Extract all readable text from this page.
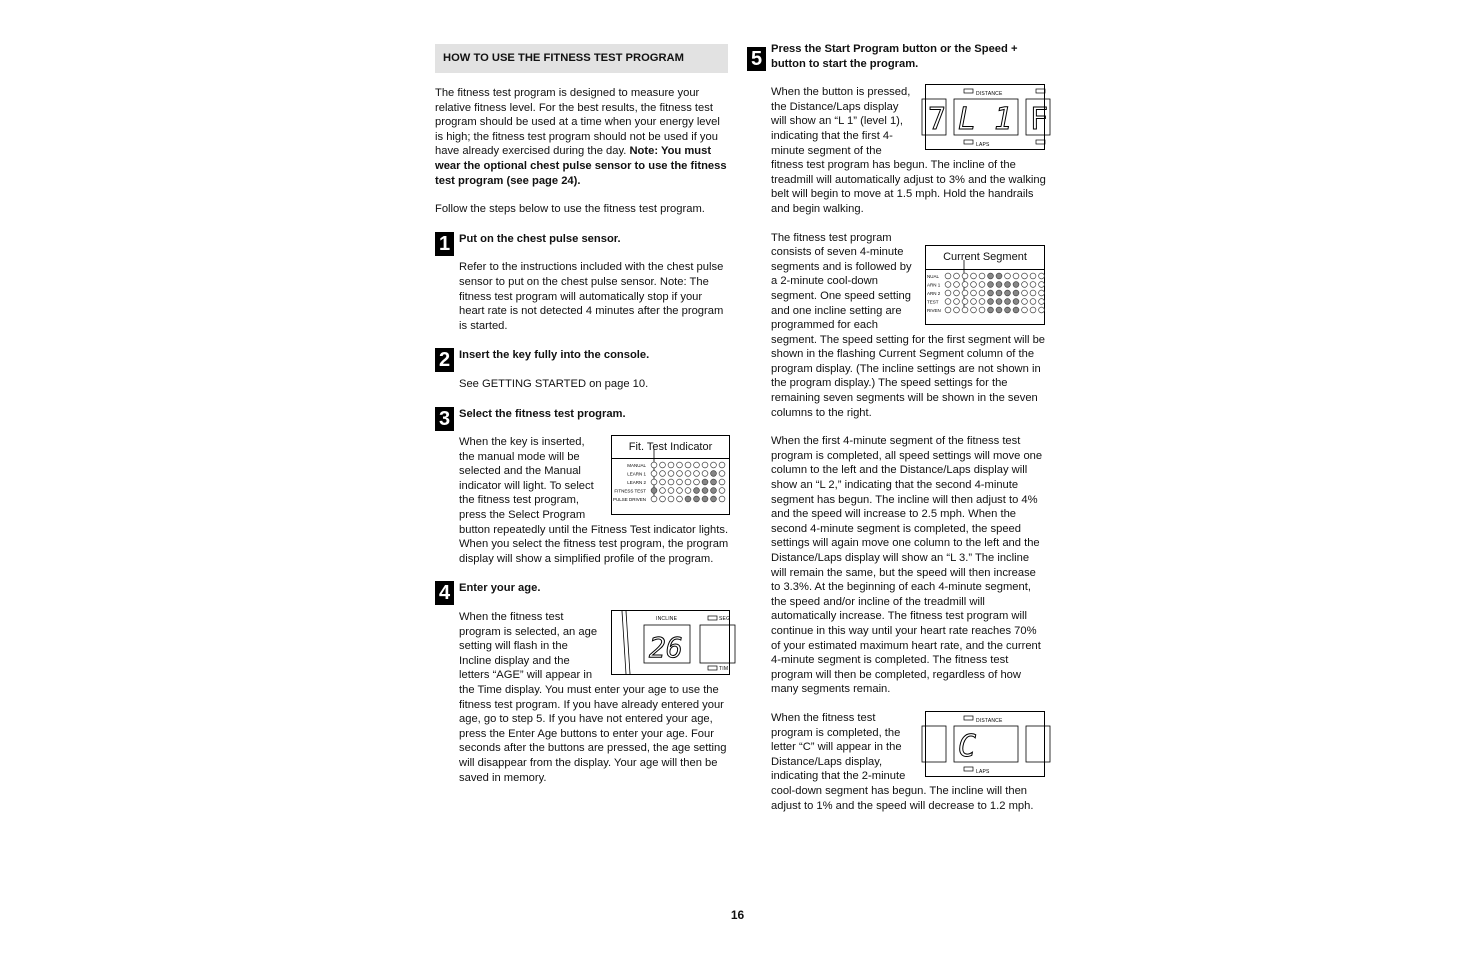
HOW TO USE THE FITNESS TEST PROGRAM

The fitness test program is designed to measure your relative fitness level. For the best results, the fitness test program should be used at a time when your energy level is high; the fitness test program should not be used if you have already exercised during the day. Note: You must wear the optional chest pulse sensor to use the fitness test program (see page 24).

Follow the steps below to use the fitness test program.

1 Put on the chest pulse sensor.

Refer to the instructions included with the chest pulse sensor to put on the chest pulse sensor. Note: The fitness test program will automatically stop if your heart rate is not detected 4 minutes after the program is started.

2 Insert the key fully into the console.

See GETTING STARTED on page 10.

3 Select the fitness test program.
Fit. Test Indicator
MANUAL
LEARN 1
LEARN 2
FITNESS TEST
PULSE DRIVEN

When the key is inserted, the manual mode will be selected and the Manual indicator will light. To select the fitness test program, press the Select Program button repeatedly until the Fitness Test indicator lights. When you select the fitness test program, the program display will show a simplified profile of the program.

4 Enter your age.
INCLINE	SEG
TIM
26

When the fitness test program is selected, an age setting will flash in the Incline display and the letters “AGE” will appear in the Time display. You must enter your age to use the fitness test program. If you have already entered your age, go to step 5. If you have not entered your age, press the Enter Age buttons to enter your age. Four seconds after the buttons are pressed, the age setting will disappear from the display. Your age will then be saved in memory.

5 Press the Start Program button or the Speed + button to start the program.
DISTANCE
LAPS
7 L 1 F

When the button is pressed, the Distance/Laps display will show an “L 1” (level 1), indicating that the first 4-minute segment of the fitness test program has begun. The incline of the treadmill will automatically adjust to 3% and the walking belt will begin to move at 1.5 mph. Hold the handrails and begin walking.

Current Segment
NUAL
ARN 1
ARN 2
TEST
RIVEN

The fitness test program consists of seven 4-minute segments and is followed by a 2-minute cool-down segment. One speed setting and one incline setting are programmed for each segment. The speed setting for the first segment will be shown in the flashing Current Segment column of the program display. (The incline settings are not shown in the program display.) The speed settings for the remaining seven segments will be shown in the seven columns to the right.

When the first 4-minute segment of the fitness test program is completed, all speed settings will move one column to the left and the Distance/Laps display will show an “L 2,” indicating that the second 4-minute segment has begun. The incline will then adjust to 4% and the speed will increase to 2.5 mph. When the second 4-minute segment is completed, the speed settings will again move one column to the left and the Distance/Laps display will show an “L 3.” The incline will remain the same, but the speed will then increase to 3.3%. At the beginning of each 4-minute segment, the speed and/or incline of the treadmill will automatically increase. The fitness test program will continue in this way until your heart rate reaches 70% of your estimated maximum heart rate, and the current 4-minute segment is completed. The fitness test program will then be completed, regardless of how many segments remain.

DISTANCE
LAPS
C

When the fitness test program is completed, the letter “C” will appear in the Distance/Laps display, indicating that the 2-minute cool-down segment has begun. The incline will then adjust to 1% and the speed will decrease to 1.2 mph.

16
